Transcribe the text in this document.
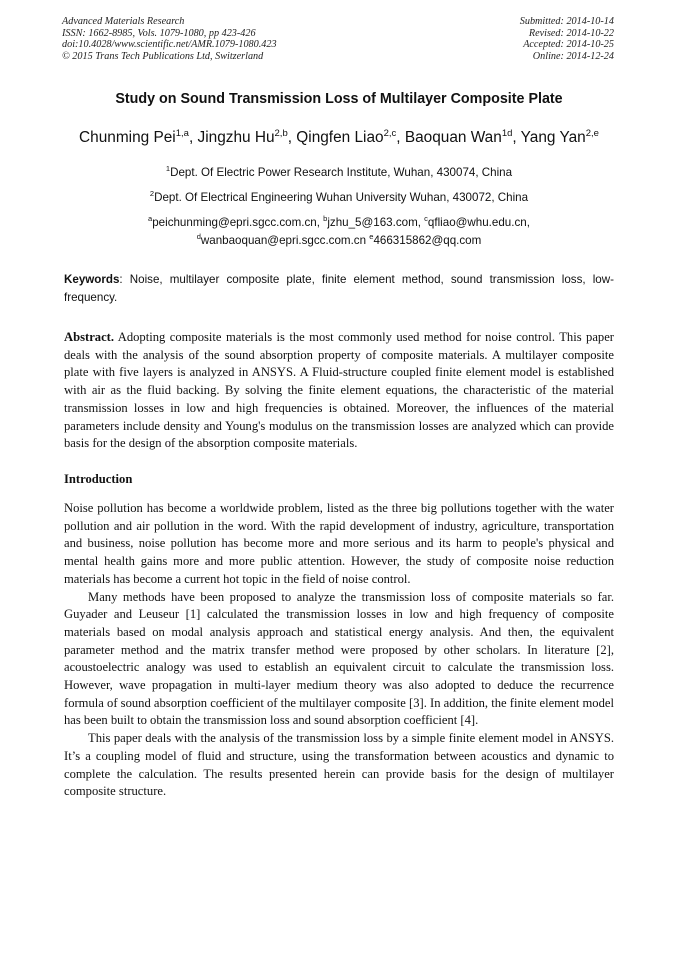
Advanced Materials Research
ISSN: 1662-8985, Vols. 1079-1080, pp 423-426
doi:10.4028/www.scientific.net/AMR.1079-1080.423
© 2015 Trans Tech Publications Ltd, Switzerland
Submitted: 2014-10-14
Revised: 2014-10-22
Accepted: 2014-10-25
Online: 2014-12-24
Study on Sound Transmission Loss of Multilayer Composite Plate
Chunming Pei$^{1,a}$, Jingzhu Hu$^{2,b}$, Qingfen Liao$^{2,c}$, Baoquan Wan$^{1d}$, Yang Yan$^{2,e}$
$^1$Dept. Of Electric Power Research Institute, Wuhan, 430074, China
$^2$Dept. Of Electrical Engineering Wuhan University Wuhan, 430072, China
$^a$peichunming@epri.sgcc.com.cn, $^b$jzhu_5@163.com, $^c$qfliao@whu.edu.cn,
$^d$wanbaoquan@epri.sgcc.com.cn $^e$466315862@qq.com
Keywords: Noise, multilayer composite plate, finite element method, sound transmission loss, low-frequency.
Abstract. Adopting composite materials is the most commonly used method for noise control. This paper deals with the analysis of the sound absorption property of composite materials. A multilayer composite plate with five layers is analyzed in ANSYS. A Fluid-structure coupled finite element model is established with air as the fluid backing. By solving the finite element equations, the characteristic of the material transmission losses in low and high frequencies is obtained. Moreover, the influences of the material parameters include density and Young's modulus on the transmission losses are analyzed which can provide basis for the design of the absorption composite materials.
Introduction

Noise pollution has become a worldwide problem, listed as the three big pollutions together with the water pollution and air pollution in the word. With the rapid development of industry, agriculture, transportation and business, noise pollution has become more and more serious and its harm to people's physical and mental health gains more and more public attention. However, the study of composite noise reduction materials has become a current hot topic in the field of noise control.

Many methods have been proposed to analyze the transmission loss of composite materials so far. Guyader and Leuseur [1] calculated the transmission losses in low and high frequency of composite materials based on modal analysis approach and statistical energy analysis. And then, the equivalent parameter method and the matrix transfer method were proposed by other scholars. In literature [2], acoustoelectric analogy was used to establish an equivalent circuit to calculate the transmission loss. However, wave propagation in multi-layer medium theory was also adopted to deduce the recurrence formula of sound absorption coefficient of the multilayer composite [3]. In addition, the finite element model has been built to obtain the transmission loss and sound absorption coefficient [4].

This paper deals with the analysis of the transmission loss by a simple finite element model in ANSYS. It’s a coupling model of fluid and structure, using the transformation between acoustics and dynamic to complete the calculation. The results presented herein can provide basis for the design of multilayer composite structure.
